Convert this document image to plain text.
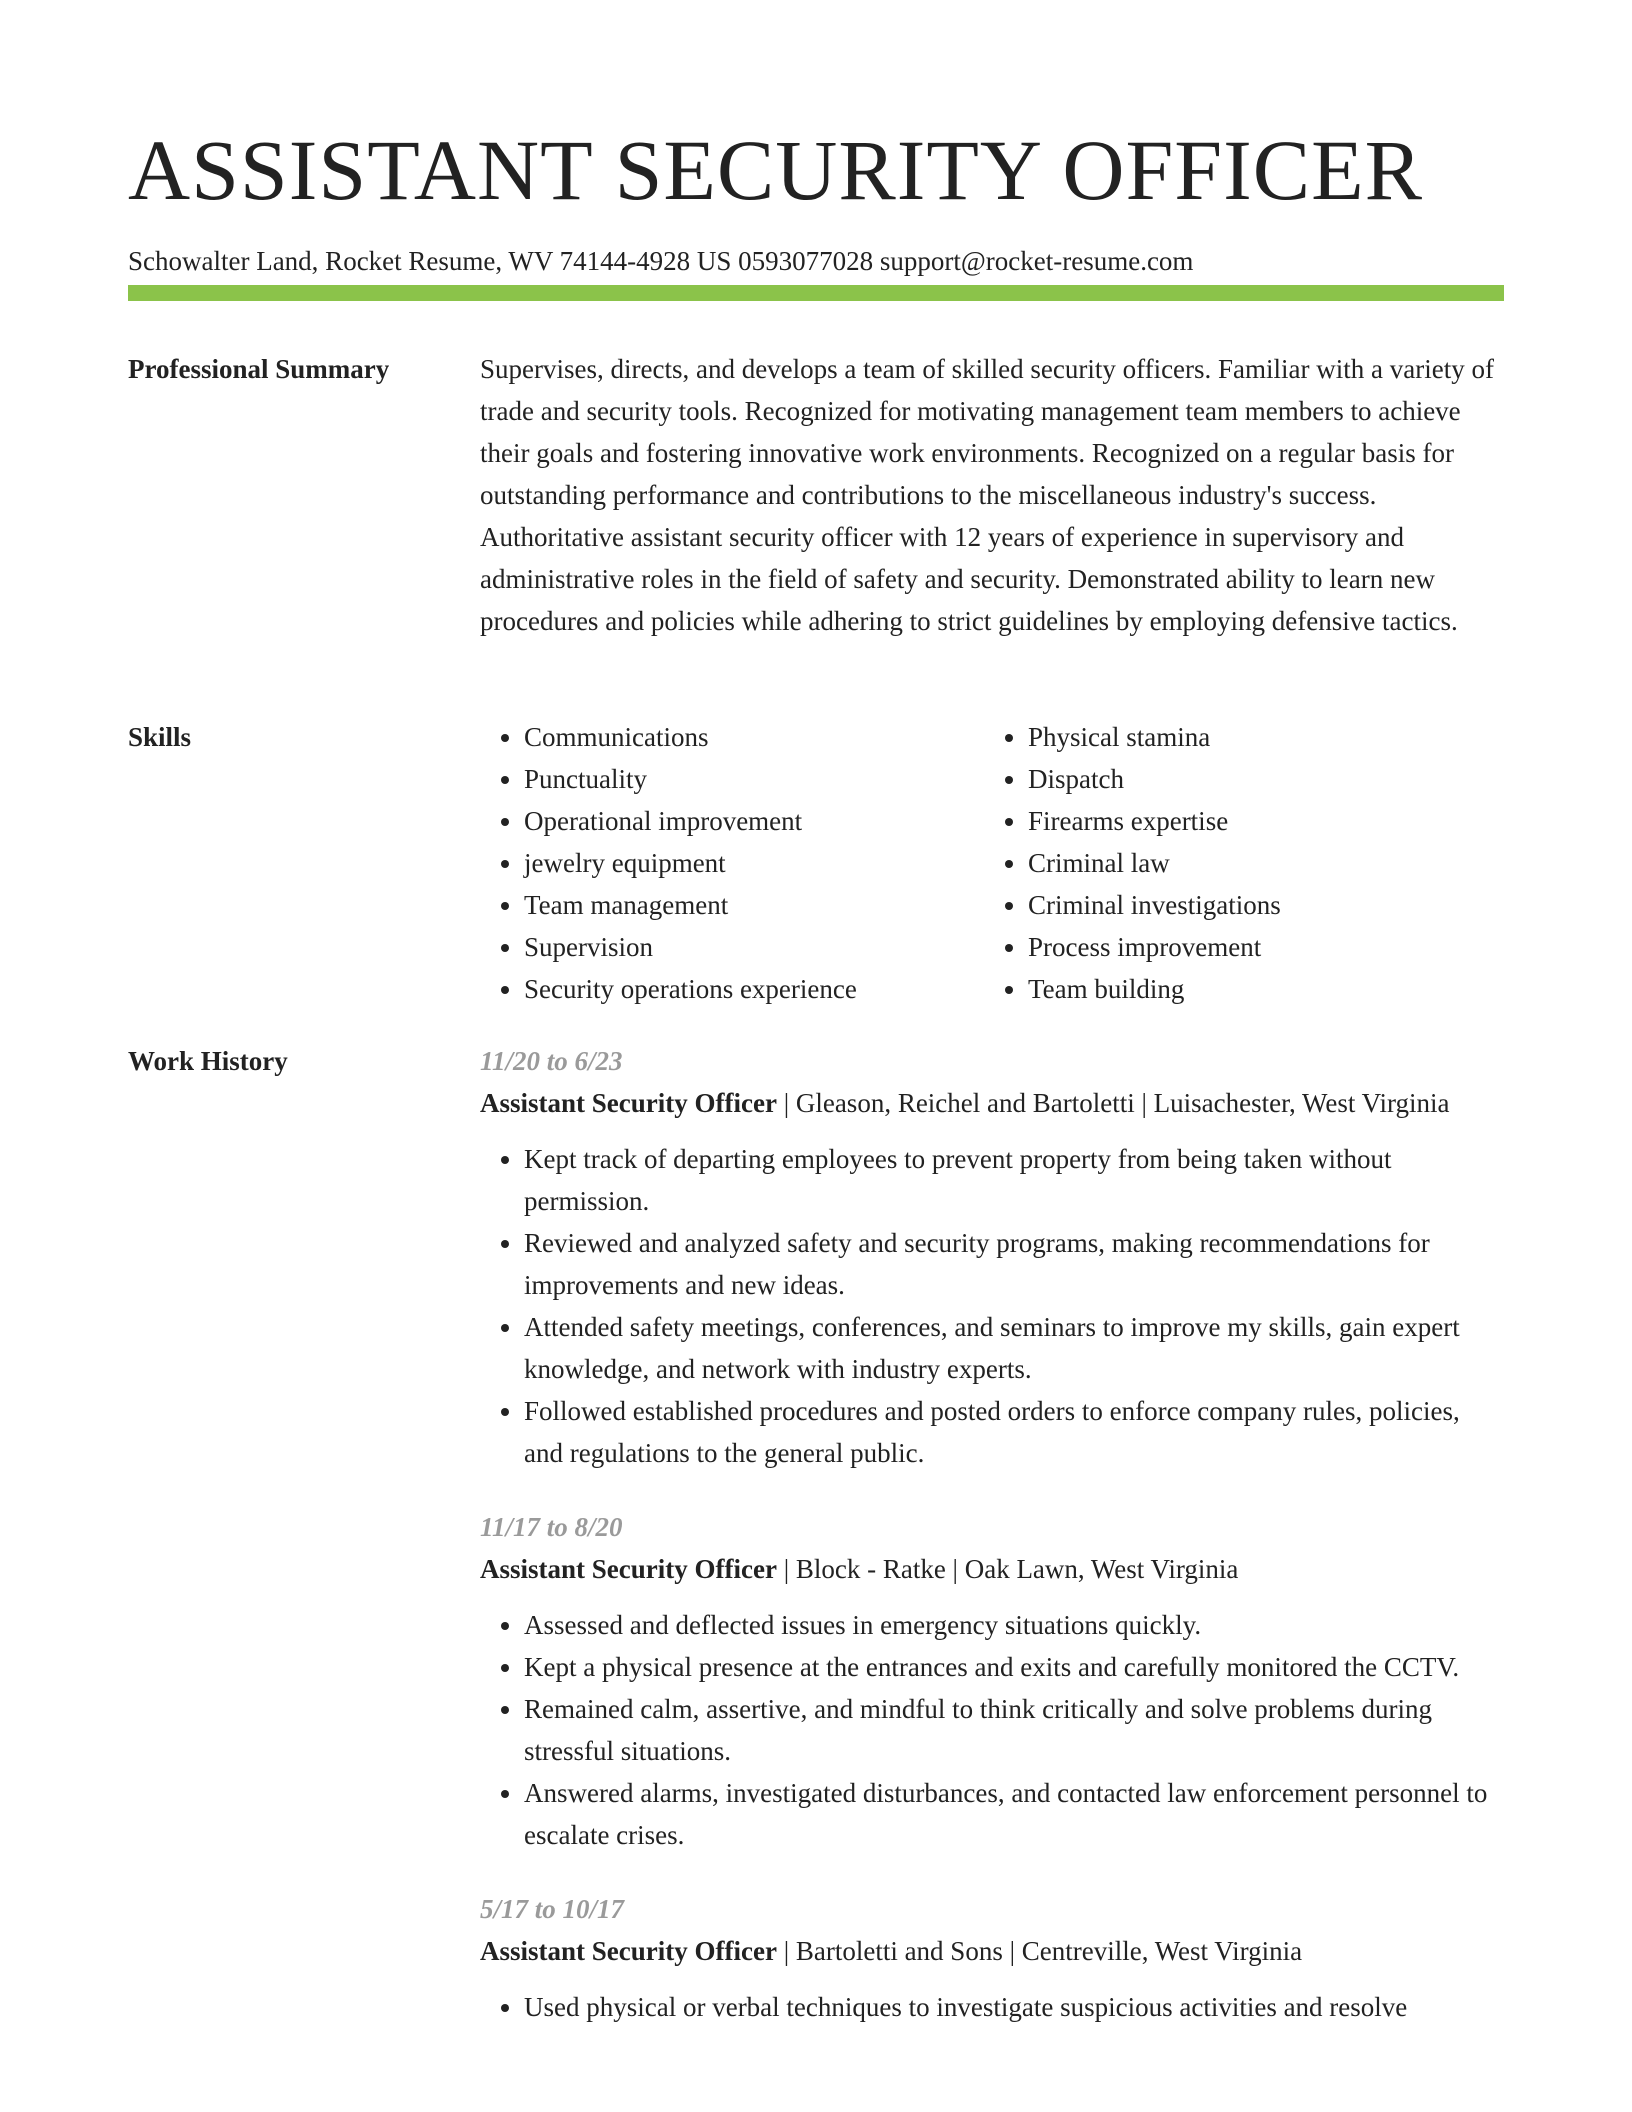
ASSISTANT SECURITY OFFICER
Schowalter Land, Rocket Resume, WV 74144-4928 US 0593077028 support@rocket-resume.com
Professional Summary	Supervises, directs, and develops a team of skilled security officers. Familiar with a variety of trade and security tools. Recognized for motivating management team members to achieve their goals and fostering innovative work environments. Recognized on a regular basis for outstanding performance and contributions to the miscellaneous industry's success. Authoritative assistant security officer with 12 years of experience in supervisory and administrative roles in the field of safety and security. Demonstrated ability to learn new procedures and policies while adhering to strict guidelines by employing defensive tactics.

Skills
•	Communications
• Punctuality
• Operational improvement
• jewelry equipment
• Team management
• Supervision
• Security operations experience
• Physical stamina
• Dispatch
• Firearms expertise
• Criminal law
• Criminal investigations
• Process improvement
• Team building
Work History	11/20 to 6/23
Assistant Security Officer | Gleason, Reichel and Bartoletti | Luisachester, West Virginia
• Kept track of departing employees to prevent property from being taken without permission.
• Reviewed and analyzed safety and security programs, making recommendations for improvements and new ideas.
• Attended safety meetings, conferences, and seminars to improve my skills, gain expert knowledge, and network with industry experts.
• Followed established procedures and posted orders to enforce company rules, policies, and regulations to the general public.
11/17 to 8/20
Assistant Security Officer | Block - Ratke | Oak Lawn, West Virginia
• Assessed and deflected issues in emergency situations quickly.
• Kept a physical presence at the entrances and exits and carefully monitored the CCTV.
• Remained calm, assertive, and mindful to think critically and solve problems during stressful situations.
• Answered alarms, investigated disturbances, and contacted law enforcement personnel to escalate crises.
5/17 to 10/17
Assistant Security Officer | Bartoletti and Sons | Centreville, West Virginia
• Used physical or verbal techniques to investigate suspicious activities and resolve
